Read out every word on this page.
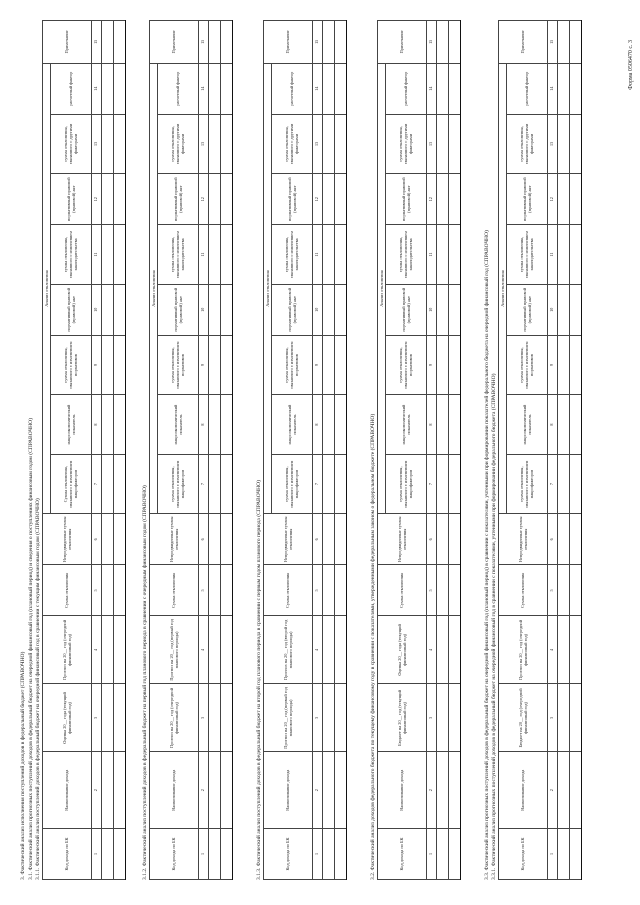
Форма 0506470 с. 3

3. Фактический анализ исполнения поступлений доходов в федеральный бюджет (СПРАВОЧНО) 3.1. Фактический анализ прогнозных поступлений доходов в федеральный бюджет на очередной финансовый год (плановый период) и сведения о поступлениях финансовым годом (СПРАВОЧНО) 3.1.1. Фактический анализ поступлений доходов в федеральный бюджет на очередной финансовый год в сравнении с текущим финансовым годом (СПРАВОЧНО)	Код дохода по БК	Наименование дохода	Оценка 20__ года (текущий финансовый год)	Прогноз на 20__ год (очередной финансовый год)	Сумма отклонения	Непредвиденные суммы отклонения	Анализ отклонения								Примечание
						Сумма отклонения, связанного с изменением макрофакторов	макроэкономический показатель	сумма отклонения, связанного с изменением нормативов	нормативный правовой (правовой) акт	сумма отклонения, связанного с изменением законодательства	нормативный правовой (правовой) акт	сумма отклонения, связанного с другими факторами	расчетный фактор	
1	2	3	4	5	6	7	8	9	10	11	12	13	14	15

3.1.2. Фактический анализ поступлений доходов в федеральный бюджет на первый год планового периода в сравнении с очередным финансовым годом (СПРАВОЧНО)	Код дохода по БК	Наименование дохода	Прогноз на 20__ год (очередной финансовый год)	Прогноз на 20__ год (первый год планового периода)	Сумма отклонения	Непредвиденные суммы отклонения	Анализ отклонения								Примечание
						сумма отклонения, связанного с изменением макрофакторов	макроэкономический показатель	сумма отклонения, связанного с изменением нормативов	нормативный правовой (правовой) акт	сумма отклонения, связанного с изменением законодательства	нормативный правовой (правовой) акт	сумма отклонения, связанного с другими факторами	расчетный фактор	
1	2	3	4	5	6	7	8	9	10	11	12	13	14	15

3.1.3. Фактический анализ поступлений доходов в федеральный бюджет на второй год планового периода в сравнении с первым годом планового периода (СПРАВОЧНО)	Код дохода по БК	Наименование дохода	Прогноз на 20__ год (первый год планового периода)	Прогноз на 20__ год (второй год планового периода)	Сумма отклонения	Непредвиденные суммы отклонения	Анализ отклонения								Примечание
						сумма отклонения, связанного с изменением макрофакторов	макроэкономический показатель	сумма отклонения, связанного с изменением нормативов	нормативный правовой (правовой) акт	сумма отклонения, связанного с изменением законодательства	нормативный правовой (правовой) акт	сумма отклонения, связанного с другими факторами	расчетный фактор	
1	2	3	4	5	6	7	8	9	10	11	12	13	14	15

3.2. Фактический анализ доходов федерального бюджета по текущему финансовому году в сравнении с показателями, утвержденными федеральным законом о федеральном бюджете (СПРАВОЧНО)	Код дохода по БК	Наименование дохода	Бюджет на 20__ год (текущий финансовый год)	Оценка 20__ года (текущий финансовый год)	Сумма отклонения	Непредвиденные суммы отклонения	Анализ отклонения								Примечание
						сумма отклонения, связанного с изменением макрофакторов	макроэкономический показатель	сумма отклонения, связанного с изменением нормативов	нормативный правовой (правовой) акт	сумма отклонения, связанного с изменением законодательства	нормативный правовой (правовой) акт	сумма отклонения, связанного с другими факторами	расчетный фактор	
1	2	3	4	5	6	7	8	9	10	11	12	13	14	15

3.3. Фактический анализ прогнозных поступлений доходов в федеральный бюджет на очередной финансовый год (плановый период) в сравнении с показателями, учтенными при формировании показателей федерального бюджета на очередной финансовый год (СПРАВОЧНО) 3.3.1. Фактический анализ прогнозных поступлений доходов в федеральный бюджет на очередной финансовый год в сравнении с показателями, учтенными при формировании федерального бюджета (СПРАВОЧНО)	Код дохода по БК	Наименование дохода	Бюджет на 20__ год (очередной финансовый год)	Прогноз на 20__ год (очередной финансовый год)	Сумма отклонения	Непредвиденные суммы отклонения	Анализ отклонения								Примечание
						сумма отклонения, связанного с изменением макрофакторов	макроэкономический показатель	сумма отклонения, связанного с изменением нормативов	нормативный правовой (правовой) акт	сумма отклонения, связанного с изменением законодательства	нормативный правовой (правовой) акт	сумма отклонения, связанного с другими факторами	расчетный фактор	
1	2	3	4	5	6	7	8	9	10	11	12	13	14	15
